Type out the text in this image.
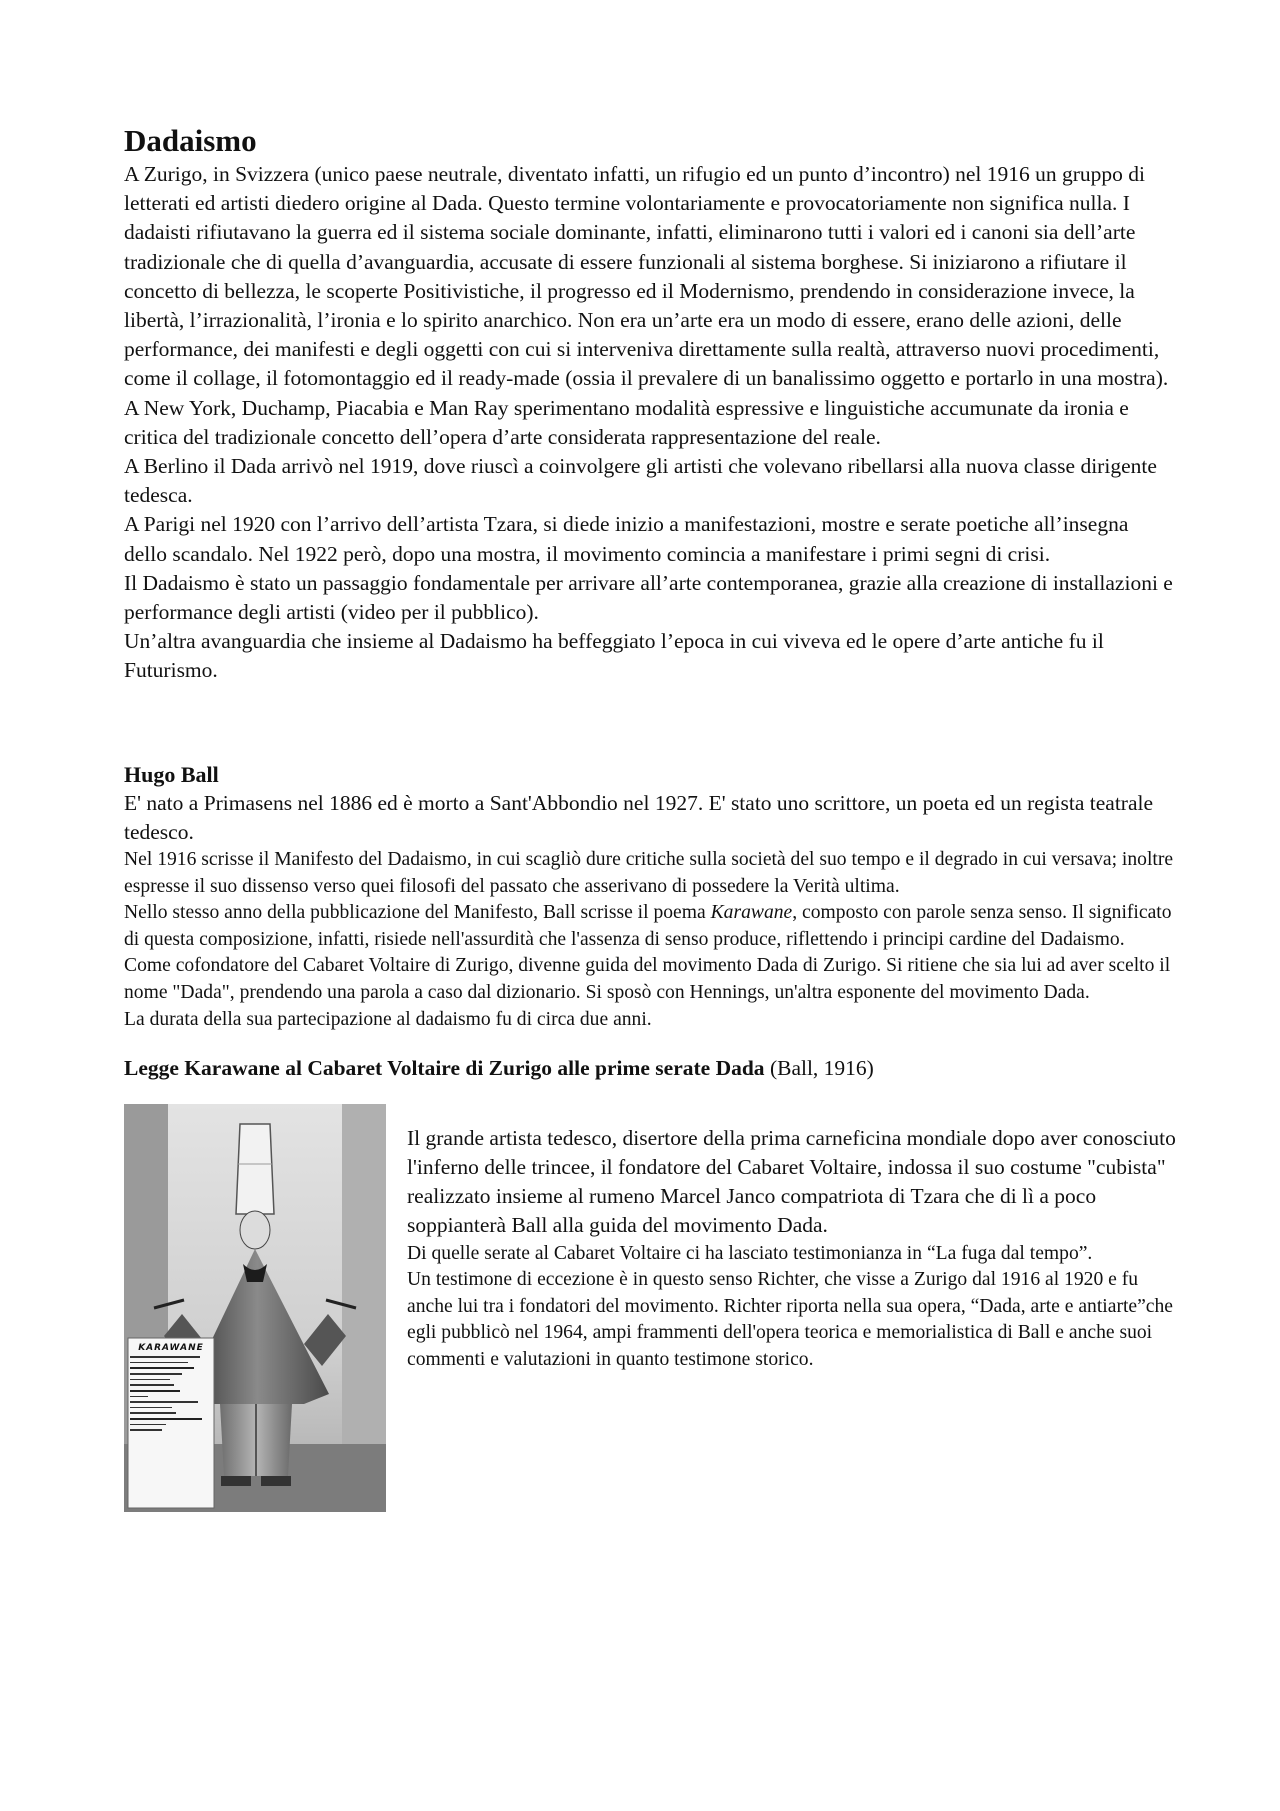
Dadaismo

A Zurigo, in Svizzera (unico paese neutrale, diventato infatti, un rifugio ed un punto d’incontro) nel 1916 un gruppo di letterati ed artisti diedero origine al Dada. Questo termine volontariamente e provocatoriamente non significa nulla. I dadaisti rifiutavano la guerra ed il sistema sociale dominante, infatti, eliminarono tutti i valori ed i canoni sia dell’arte tradizionale che di quella d’avanguardia, accusate di essere funzionali al sistema borghese. Si iniziarono a rifiutare il concetto di bellezza, le scoperte Positivistiche, il progresso ed il Modernismo, prendendo in considerazione invece, la libertà, l’irrazionalità, l’ironia e lo spirito anarchico. Non era un’arte era un modo di essere, erano delle azioni, delle performance, dei manifesti e degli oggetti con cui si interveniva direttamente sulla realtà, attraverso nuovi procedimenti, come il collage, il fotomontaggio ed il ready-made (ossia il prevalere di un banalissimo oggetto e portarlo in una mostra).

A New York, Duchamp, Piacabia e Man Ray sperimentano modalità espressive e linguistiche accumunate da ironia e critica del tradizionale concetto dell’opera d’arte considerata rappresentazione del reale.

A Berlino il Dada arrivò nel 1919, dove riuscì a coinvolgere gli artisti che volevano ribellarsi alla nuova classe dirigente tedesca.

A Parigi nel 1920 con l’arrivo dell’artista Tzara, si diede inizio a manifestazioni, mostre e serate poetiche all’insegna dello scandalo. Nel 1922 però, dopo una mostra, il movimento comincia a manifestare i primi segni di crisi.

Il Dadaismo è stato un passaggio fondamentale per arrivare all’arte contemporanea, grazie alla creazione di installazioni e performance degli artisti (video per il pubblico).

Un’altra avanguardia che insieme al Dadaismo ha beffeggiato l’epoca in cui viveva ed le opere d’arte antiche fu il Futurismo.

Hugo Ball

E' nato a Primasens nel 1886 ed è morto a Sant'Abbondio nel 1927. E' stato uno scrittore, un poeta ed un regista teatrale tedesco.

Nel 1916 scrisse il Manifesto del Dadaismo, in cui scagliò dure critiche sulla società del suo tempo e il degrado in cui versava; inoltre espresse il suo dissenso verso quei filosofi del passato che asserivano di possedere la Verità ultima.

Nello stesso anno della pubblicazione del Manifesto, Ball scrisse il poema Karawane, composto con parole senza senso. Il significato di questa composizione, infatti, risiede nell'assurdità che l'assenza di senso produce, riflettendo i principi cardine del Dadaismo.

Come cofondatore del Cabaret Voltaire di Zurigo, divenne guida del movimento Dada di Zurigo. Si ritiene che sia lui ad aver scelto il nome "Dada", prendendo una parola a caso dal dizionario. Si sposò con Hennings, un'altra esponente del movimento Dada.

La durata della sua partecipazione al dadaismo fu di circa due anni.

Legge Karawane al Cabaret Voltaire di Zurigo alle prime serate Dada (Ball, 1916)

KARAWANE

Il grande artista tedesco, disertore della prima carneficina mondiale dopo aver conosciuto l'inferno delle trincee, il fondatore del Cabaret Voltaire, indossa il suo costume "cubista" realizzato insieme al rumeno Marcel Janco compatriota di Tzara che di lì a poco soppianterà Ball alla guida del movimento Dada.

Di quelle serate al Cabaret Voltaire ci ha lasciato testimonianza in “La fuga dal tempo”.

Un testimone di eccezione è in questo senso Richter, che visse a Zurigo dal 1916 al 1920 e fu anche lui tra i fondatori del movimento. Richter riporta nella sua opera, “Dada, arte e antiarte”che egli pubblicò nel 1964, ampi frammenti dell'opera teorica e memorialistica di Ball e anche suoi commenti e valutazioni in quanto testimone storico.
